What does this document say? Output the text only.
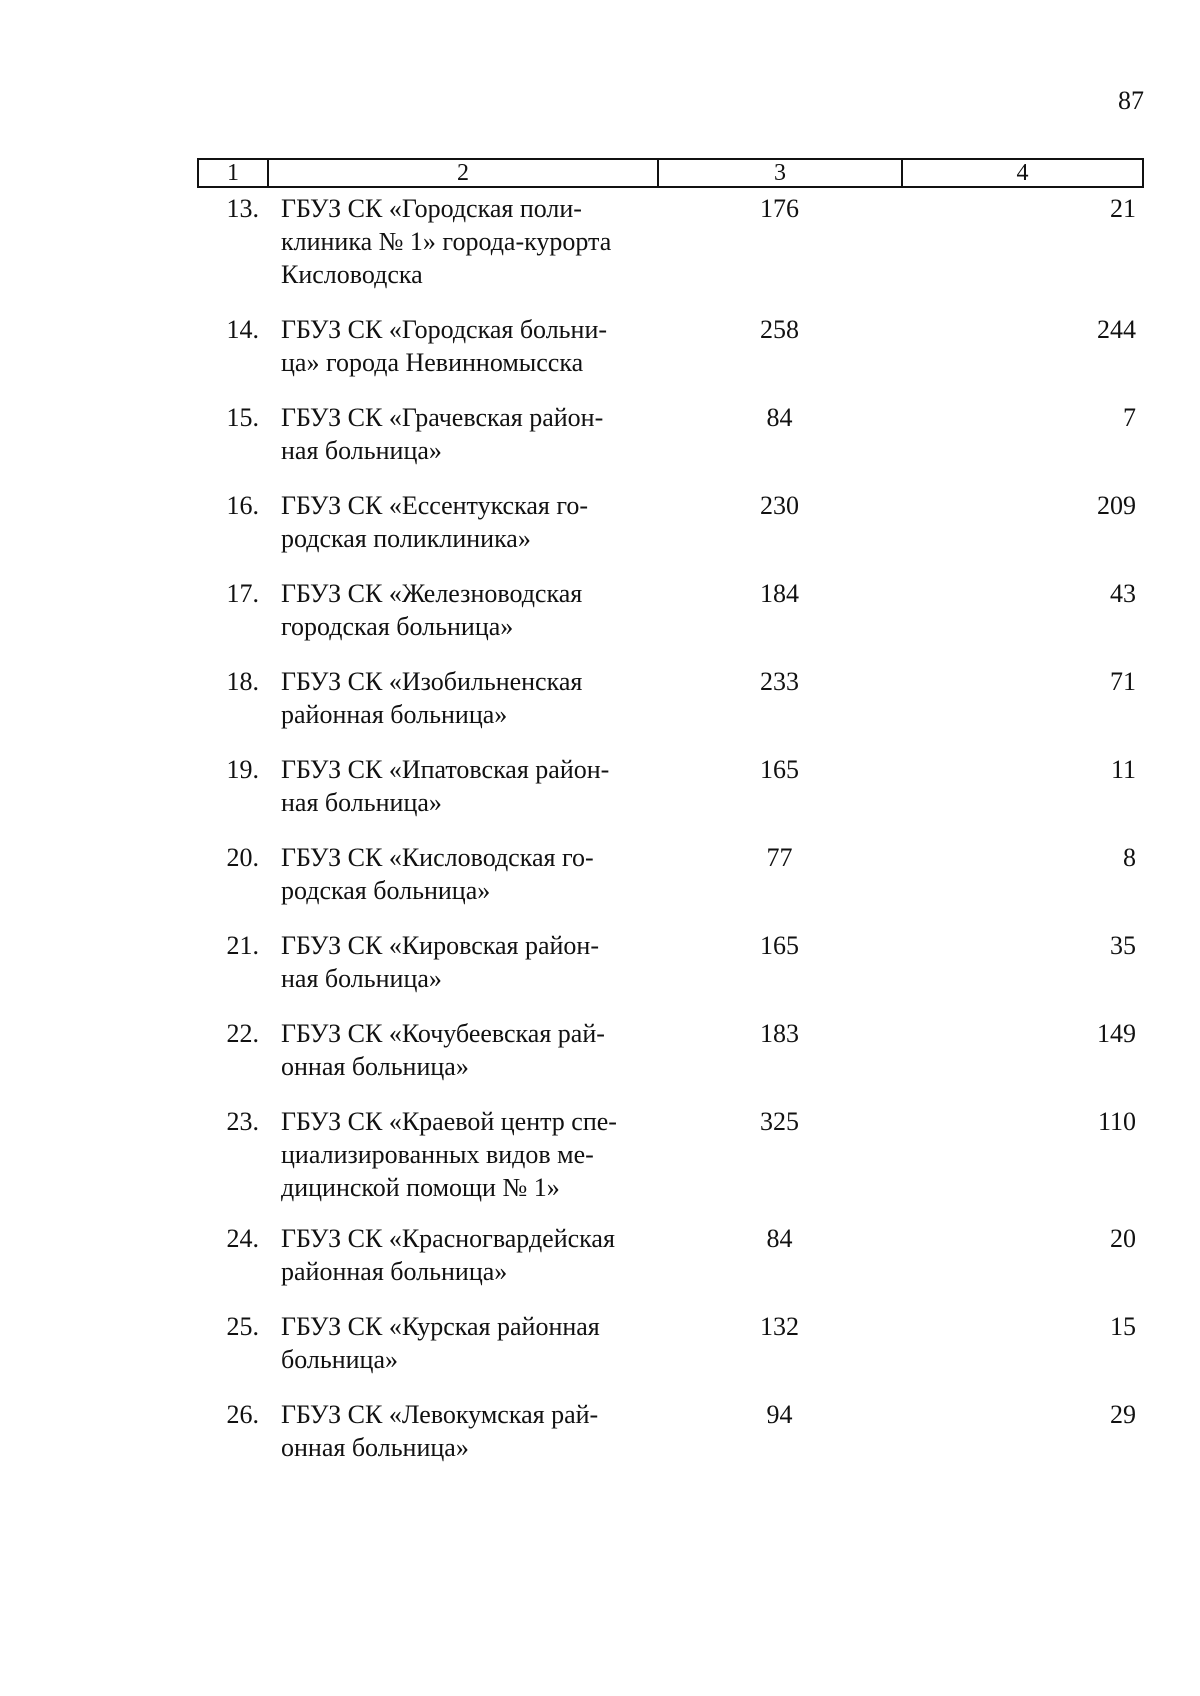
87
1	2	3	4
13. ГБУЗ СК «Городская поли-
клиника № 1» города-курорта
Кисловодска
176	21
14. ГБУЗ СК «Городская больни-
ца» города Невинномысска
258	244
15. ГБУЗ СК «Грачевская район-
ная больница»
84	7
16. ГБУЗ СК «Ессентукская го-
родская поликлиника»
230	209
17. ГБУЗ СК «Железноводская
городская больница»
184	43
18. ГБУЗ СК «Изобильненская
районная больница»
233	71
19. ГБУЗ СК «Ипатовская район-
ная больница»
165	11
20. ГБУЗ СК «Кисловодская го-
родская больница»
77	8
21. ГБУЗ СК «Кировская район-
ная больница»
165	35
22. ГБУЗ СК «Кочубеевская рай-
онная больница»
183	149
23. ГБУЗ СК «Краевой центр спе-
циализированных видов ме-
дицинской помощи № 1»
325	110
24. ГБУЗ СК «Красногвардейская
районная больница»
84	20
25. ГБУЗ СК «Курская районная
больница»
132	15
26. ГБУЗ СК «Левокумская рай-
онная больница»
94	29
